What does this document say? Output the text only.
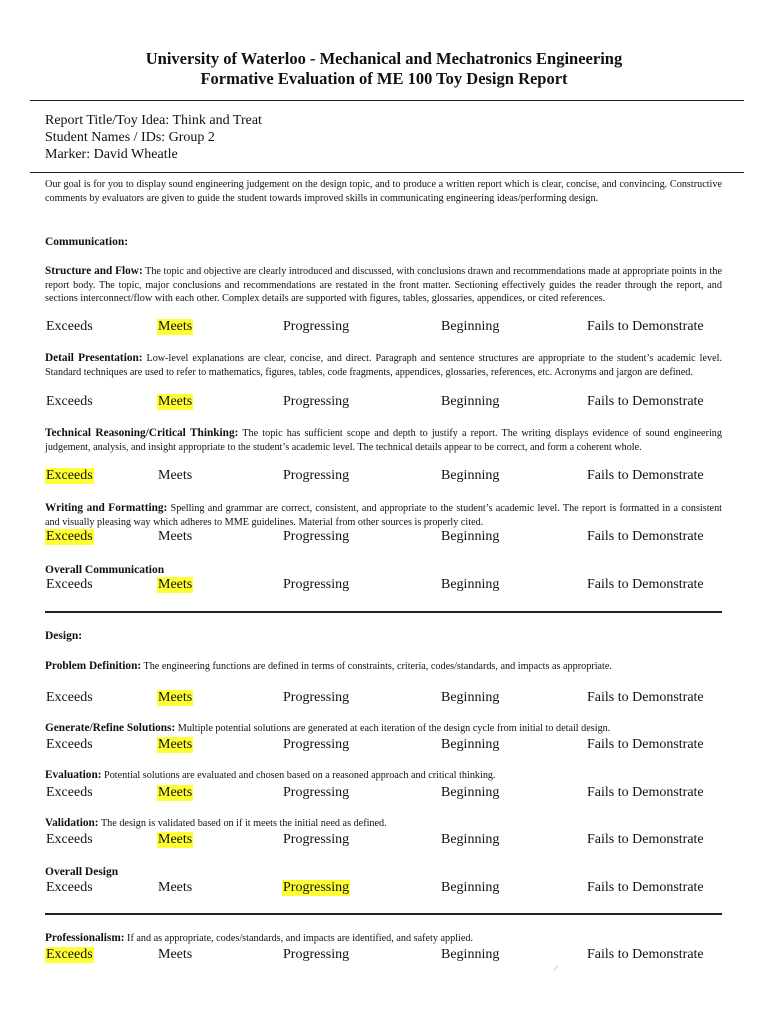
University of Waterloo - Mechanical and Mechatronics Engineering
Formative Evaluation of ME 100 Toy Design Report

Report Title/Toy Idea: Think and Treat

Student Names / IDs: Group 2

Marker: David Wheatle

Our goal is for you to display sound engineering judgement on the design topic, and to produce a written report which is clear, concise, and convincing. Constructive comments by evaluators are given to guide the student towards improved skills in communicating engineering ideas/performing design.

Communication:

Structure and Flow: The topic and objective are clearly introduced and discussed, with conclusions drawn and recommendations made at appropriate points in the report body. The topic, major conclusions and recommendations are restated in the front matter. Sectioning effectively guides the reader through the report, and sections interconnect/flow with each other. Complex details are supported with figures, tables, glossaries, appendices, or cited references.

Exceeds	Meets	Progressing	Beginning	Fails to Demonstrate

Detail Presentation: Low-level explanations are clear, concise, and direct. Paragraph and sentence structures are appropriate to the student’s academic level. Standard techniques are used to refer to mathematics, figures, tables, code fragments, appendices, glossaries, references, etc. Acronyms and jargon are defined.

Exceeds	Meets	Progressing	Beginning	Fails to Demonstrate

Technical Reasoning/Critical Thinking: The topic has sufficient scope and depth to justify a report. The writing displays evidence of sound engineering judgement, analysis, and insight appropriate to the student’s academic level. The technical details appear to be correct, and form a coherent whole.

Exceeds	Meets	Progressing	Beginning	Fails to Demonstrate

Writing and Formatting: Spelling and grammar are correct, consistent, and appropriate to the student’s academic level. The report is formatted in a consistent and visually pleasing way which adheres to MME guidelines. Material from other sources is properly cited.

Exceeds	Meets	Progressing	Beginning	Fails to Demonstrate

Overall Communication

Exceeds	Meets	Progressing	Beginning	Fails to Demonstrate

Design:

Problem Definition: The engineering functions are defined in terms of constraints, criteria, codes/standards, and impacts as appropriate.

Exceeds	Meets	Progressing	Beginning	Fails to Demonstrate

Generate/Refine Solutions: Multiple potential solutions are generated at each iteration of the design cycle from initial to detail design.

Exceeds	Meets	Progressing	Beginning	Fails to Demonstrate

Evaluation: Potential solutions are evaluated and chosen based on a reasoned approach and critical thinking.

Exceeds	Meets	Progressing	Beginning	Fails to Demonstrate

Validation: The design is validated based on if it meets the initial need as defined.

Exceeds	Meets	Progressing	Beginning	Fails to Demonstrate

Overall Design

Exceeds	Meets	Progressing	Beginning	Fails to Demonstrate

Professionalism: If and as appropriate, codes/standards, and impacts are identified, and safety applied.

Exceeds	Meets	Progressing	Beginning	Fails to Demonstrate
⁄
